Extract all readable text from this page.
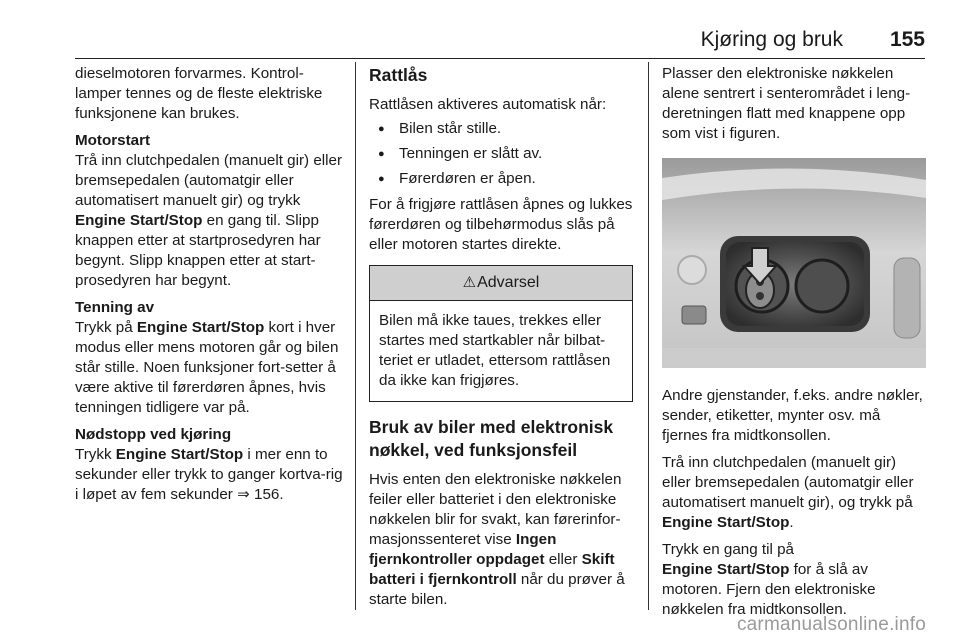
Kjøring og bruk 155

dieselmotoren forvarmes. Kontrol-lamper tennes og de fleste elektriske funksjonene kan brukes.

Motorstart
Trå inn clutchpedalen (manuelt gir) eller bremsepedalen (automatgir eller automatisert manuelt gir) og trykk Engine Start/Stop en gang til. Slipp knappen etter at startprosedyren har begynt. Slipp knappen etter at start-prosedyren har begynt.

Tenning av
Trykk på Engine Start/Stop kort i hver modus eller mens motoren går og bilen står stille. Noen funksjoner fort-setter å være aktive til førerdøren åpnes, hvis tenningen tidligere var på.

Nødstopp ved kjøring
Trykk Engine Start/Stop i mer enn to sekunder eller trykk to ganger kortva-rig i løpet av fem sekunder ⇒ 156.

Rattlås

Rattlåsen aktiveres automatisk når:

● Bilen står stille.
● Tenningen er slått av.
● Førerdøren er åpen.

For å frigjøre rattlåsen åpnes og lukkes førerdøren og tilbehørmodus slås på eller motoren startes direkte.

⚠Advarsel
Bilen må ikke taues, trekkes eller startes med startkabler når bilbat-teriet er utladet, ettersom rattlåsen da ikke kan frigjøres.
Bruk av biler med elektronisk nøkkel, ved funksjonsfeil

Hvis enten den elektroniske nøkkelen feiler eller batteriet i den elektroniske nøkkelen blir for svakt, kan førerinfor-masjonssenteret vise Ingen fjernkontroller oppdaget eller Skift batteri i fjernkontroll når du prøver å starte bilen.

Plasser den elektroniske nøkkelen alene sentrert i senterområdet i leng-deretningen flatt med knappene opp som vist i figuren.

Andre gjenstander, f.eks. andre nøkler, sender, etiketter, mynter osv. må fjernes fra midtkonsollen.

Trå inn clutchpedalen (manuelt gir) eller bremsepedalen (automatgir eller automatisert manuelt gir), og trykk på Engine Start/Stop.

Trykk en gang til på
Engine Start/Stop for å slå av motoren. Fjern den elektroniske nøkkelen fra midtkonsollen.

carmanualsonline.info
